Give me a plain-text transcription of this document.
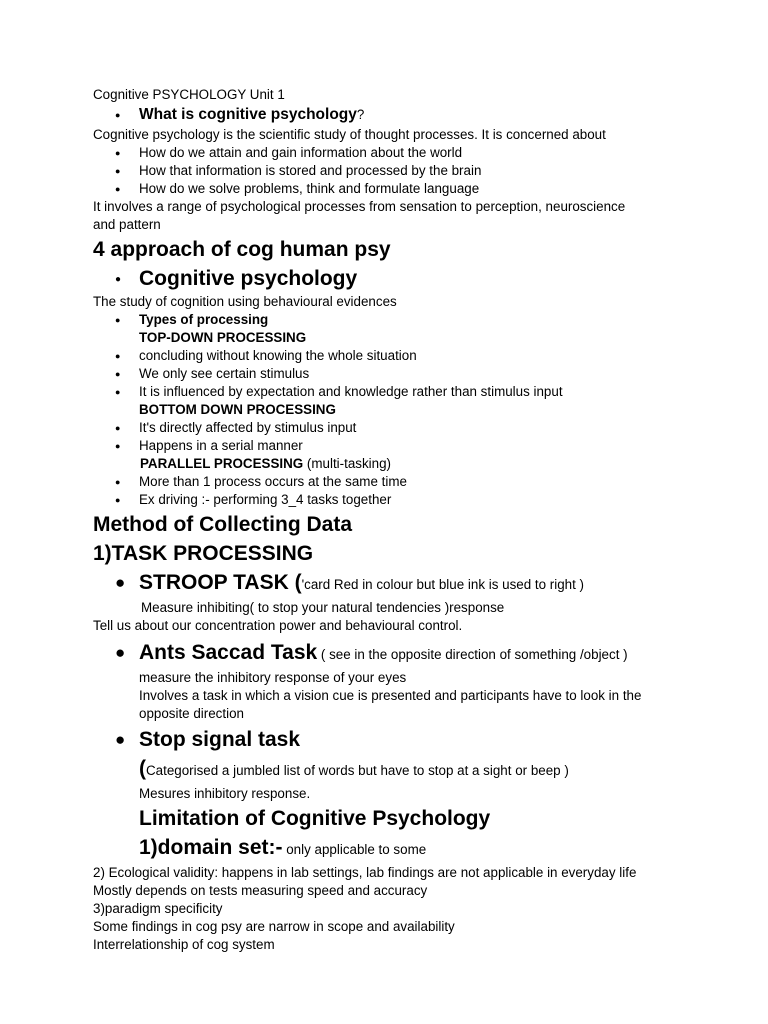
Cognitive PSYCHOLOGY Unit 1
● What is cognitive psychology?
Cognitive psychology is the scientific study of thought processes. It is concerned about
● How do we attain and gain information about the world
● How that information is stored and processed by the brain
● How do we solve problems, think and formulate language
It involves a range of psychological processes from sensation to perception, neuroscience
and pattern
4 approach of cog human psy
● Cognitive psychology
The study of cognition using behavioural evidences
● Types of processing
TOP-DOWN PROCESSING
● concluding without knowing the whole situation
● We only see certain stimulus
● It is influenced by expectation and knowledge rather than stimulus input
BOTTOM DOWN PROCESSING
● It's directly affected by stimulus input
● Happens in a serial manner
PARALLEL PROCESSING (multi-tasking)
● More than 1 process occurs at the same time
● Ex driving :- performing 3_4 tasks together
Method of Collecting Data
1)TASK PROCESSING
● STROOP TASK ('card Red in colour but blue ink is used to right )
Measure inhibiting( to stop your natural tendencies )response
Tell us about our concentration power and behavioural control.
● Ants Saccad Task ( see in the opposite direction of something /object )
measure the inhibitory response of your eyes
Involves a task in which a vision cue is presented and participants have to look in the
opposite direction
● Stop signal task
(Categorised a jumbled list of words but have to stop at a sight or beep )
Mesures inhibitory response.
Limitation of Cognitive Psychology
1)domain set:- only applicable to some
2) Ecological validity: happens in lab settings, lab findings are not applicable in everyday life
Mostly depends on tests measuring speed and accuracy
3)paradigm specificity
Some findings in cog psy are narrow in scope and availability
Interrelationship of cog system
